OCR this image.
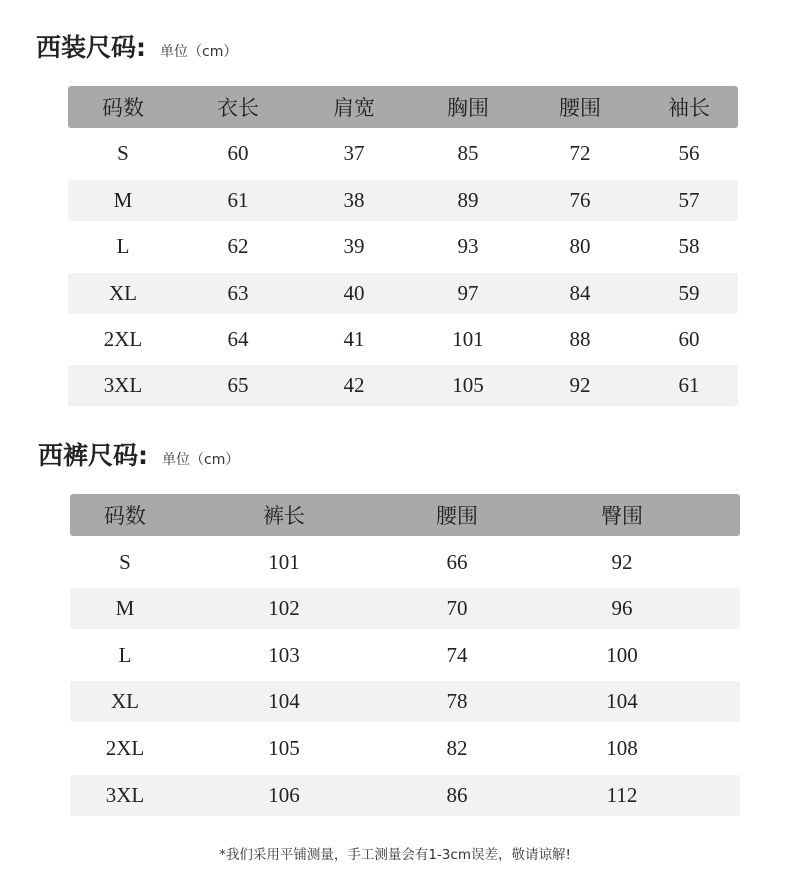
西装尺码: 单位（cm）
码数	衣长	肩宽	胸围	腰围	袖长
S	60	37	85	72	56
M	61	38	89	76	57
L	62	39	93	80	58
XL	63	40	97	84	59
2XL	64	41	101	88	60
3XL	65	42	105	92	61
西裤尺码: 单位（cm）
码数	裤长	腰围	臀围
S	101	66	92
M	102	70	96
L	103	74	100
XL	104	78	104
2XL	105	82	108
3XL	106	86	112
*我们采用平铺测量，手工测量会有1-3cm误差，敬请谅解!
